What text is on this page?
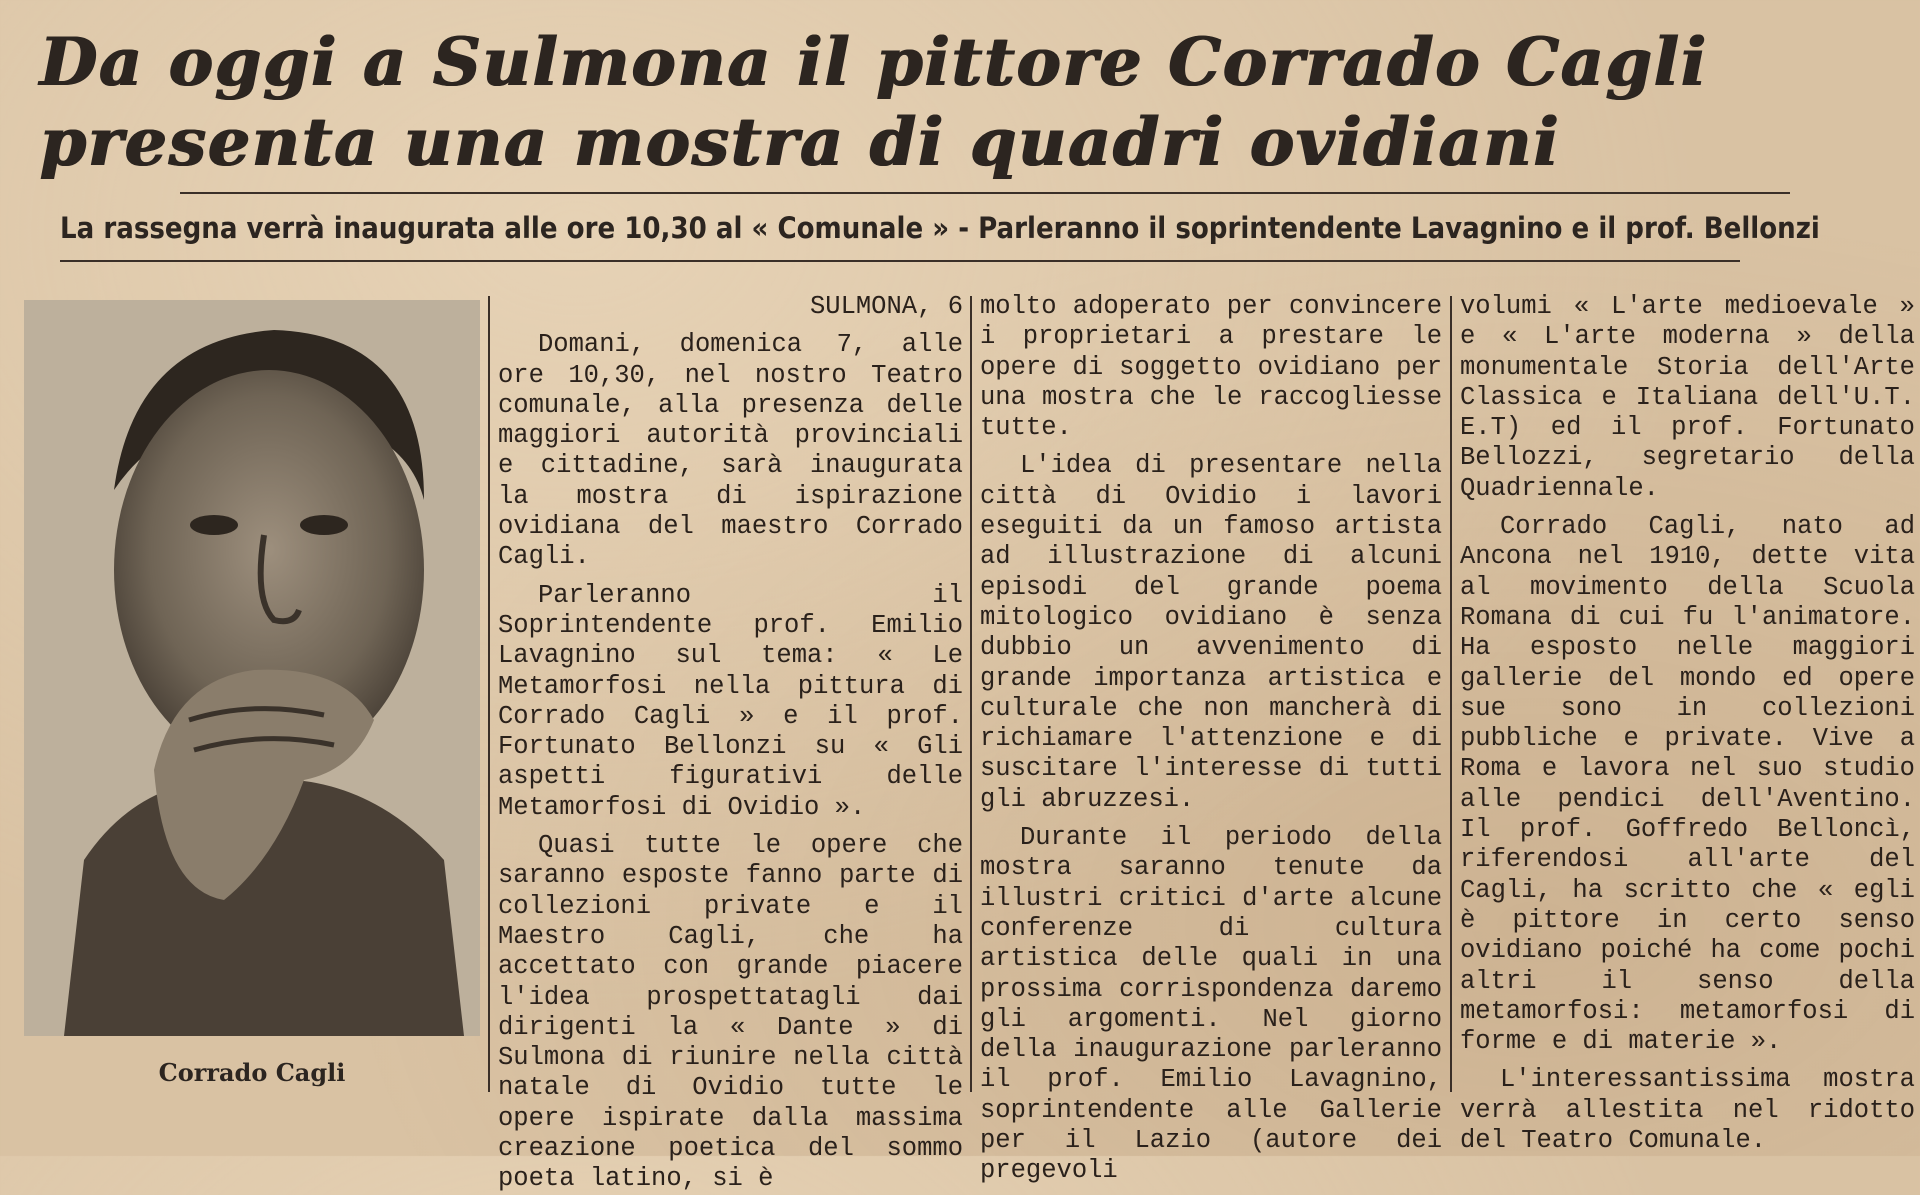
Da oggi a Sulmona il pittore Corrado Cagli
presenta una mostra di quadri ovidiani
La rassegna verrà inaugurata alle ore 10,30 al « Comunale » - Parleranno il soprintendente Lavagnino e il prof. Bellonzi
Corrado Cagli

SULMONA, 6

Domani, domenica 7, alle ore 10,30, nel nostro Teatro comunale, alla presenza delle maggiori autorità provinciali e cittadine, sarà inaugurata la mostra di ispirazione ovidiana del maestro Corrado Cagli.

Parleranno il Soprintendente prof. Emilio Lavagnino sul tema: « Le Metamorfosi nella pittura di Corrado Cagli » e il prof. Fortunato Bellonzi su « Gli aspetti figurativi delle Metamorfosi di Ovidio ».

Quasi tutte le opere che saranno esposte fanno parte di collezioni private e il Maestro Cagli, che ha accettato con grande piacere l'idea prospettatagli dai dirigenti la « Dante » di Sulmona di riunire nella città natale di Ovidio tutte le opere ispirate dalla massima creazione poetica del sommo poeta latino, si è

molto adoperato per convincere i proprietari a prestare le opere di soggetto ovidiano per una mostra che le raccogliesse tutte.

L'idea di presentare nella città di Ovidio i lavori eseguiti da un famoso artista ad illustrazione di alcuni episodi del grande poema mitologico ovidiano è senza dubbio un avvenimento di grande importanza artistica e culturale che non mancherà di richiamare l'attenzione e di suscitare l'interesse di tutti gli abruzzesi.

Durante il periodo della mostra saranno tenute da illustri critici d'arte alcune conferenze di cultura artistica delle quali in una prossima corrispondenza daremo gli argomenti. Nel giorno della inaugurazione parleranno il prof. Emilio Lavagnino, soprintendente alle Gallerie per il Lazio (autore dei pregevoli

volumi « L'arte medioevale » e « L'arte moderna » della monumentale Storia dell'Arte Classica e Italiana dell'U.T. E.T) ed il prof. Fortunato Bellozzi, segretario della Quadriennale.

Corrado Cagli, nato ad Ancona nel 1910, dette vita al movimento della Scuola Romana di cui fu l'animatore. Ha esposto nelle maggiori gallerie del mondo ed opere sue sono in collezioni pubbliche e private. Vive a Roma e lavora nel suo studio alle pendici dell'Aventino. Il prof. Goffredo Belloncì, riferendosi all'arte del Cagli, ha scritto che « egli è pittore in certo senso ovidiano poiché ha come pochi altri il senso della metamorfosi: metamorfosi di forme e di materie ».

L'interessantissima mostra verrà allestita nel ridotto del Teatro Comunale.
